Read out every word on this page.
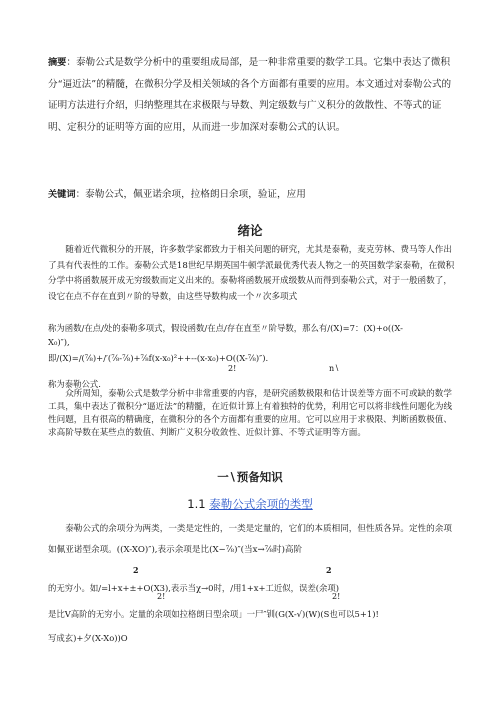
摘要：泰勒公式是数学分析中的重要组成局部，是一种非常重要的数学工具。它集中表达了微积分“逼近法”的精髓，在微积分学及相关领域的各个方面都有重要的应用。本文通过对泰勒公式的证明方法进行介绍，归纳整理其在求极限与导数、判定级数与广义积分的敛散性、不等式的证明、定积分的证明等方面的应用，从而进一步加深对泰勒公式的认识。
关键词：泰勒公式，佩亚诺余项，拉格朗日余项，验证，应用
绪论
随着近代微积分的开展，许多数学家都致力于相关问题的研究，尤其是泰勒，麦克劳林、费马等人作出了具有代表性的工作。泰勒公式是18世纪早期英国牛顿学派最优秀代表人物之一的英国数学家泰勒，在微积分学中将函数展开成无穷级数而定义出来的。泰勒将函数展开成级数从而得到泰勒公式，对于一般函数了，设它在点不存在直到〃阶的导数，由这些导数构成一个〃次多项式
称为函数/在点/处的泰勒多项式，假设函数/在点/存在直至〃阶导数，那么有/(X)=7：(X)+o((X-
X₀)″),
即/(X)=/(⅞)+/′(⅞-⅞)+⅞f(x-x₀)²++--(x-x₀)+O((X-⅞)″).
2!	n∖
称为泰勒公式.
众所周知，泰勒公式是数学分析中非常重要的内容，是研究函数极限和估计误差等方面不可或缺的数学工具，集中表达了微积分“逼近法”的精髓，在近似计算上有着独特的优势，利用它可以将非线性问题化为线性问题，且有很高的精确度，在微积分的各个方面都有重要的应用。它可以应用于求极限、判断函数极值、求高阶导数在某些点的数值、判断广义积分收敛性、近似计算、不等式证明等方面。
一∖预备知识
1.1 泰勒公式余项的类型
泰勒公式的余项分为两类，一类是定性的，一类是定量的，它们的本质相同，但性质各异。定性的余项如佩亚诺型余项。((X-XO)″),表示余项是比(X−⅞)″(当x→⅞时)高阶
2	2
的无穷小。如/=l+x+±+O(X3),表示当χ→0时，/用1+x+工近似，误差(余项)
2!	2!
是比V高阶的无穷小。定量的余项如拉格朗日型余项」一尸″钏(G(X-√)(W)(S也可以5+1)!
写成玄)+夕(X-Xo))O
